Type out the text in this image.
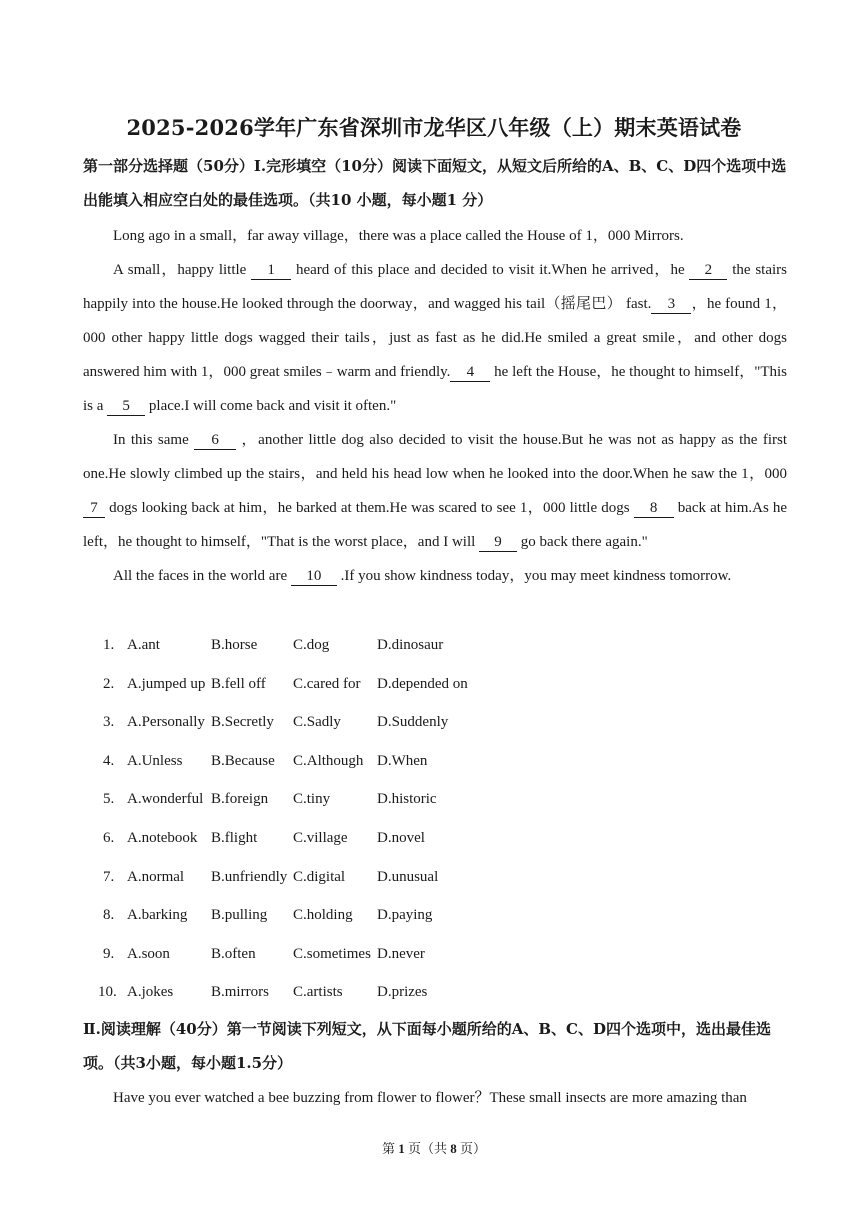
2025-2026学年广东省深圳市龙华区八年级（上）期末英语试卷
第一部分选择题（50分）Ⅰ.完形填空（10分）阅读下面短文，从短文后所给的A、B、C、D四个选项中选出能填入相应空白处的最佳选项。（共10 小题，每小题1 分）
Long ago in a small，far away village，there was a place called the House of 1，000 Mirrors.
A small，happy little 1 heard of this place and decided to visit it.When he arrived，he 2 the stairs happily into the house.He looked through the doorway，and wagged his tail（摇尾巴） fast. 3 ，he found 1，000 other happy little dogs wagged their tails，just as fast as he did.He smiled a great smile，and other dogs answered him with 1，000 great smiles﹣warm and friendly. 4 he left the House，he thought to himself，"This is a 5 place.I will come back and visit it often."
In this same 6 ，another little dog also decided to visit the house.But he was not as happy as the first one.He slowly climbed up the stairs，and held his head low when he looked into the door.When he saw the 1，000 7 dogs looking back at him，he barked at them.He was scared to see 1，000 little dogs 8 back at him.As he left，he thought to himself，"That is the worst place，and I will 9 go back there again."
All the faces in the world are 10 .If you show kindness today，you may meet kindness tomorrow.
1. A.ant	B.horse C.dog	D.dinosaur
2. A.jumped up B.fell off C.cared for D.depended on
3. A.Personally B.Secretly C.Sadly D.Suddenly
4. A.Unless B.Because C.Although D.When
5. A.wonderful B.foreign C.tiny	D.historic
6. A.notebook B.flight C.village D.novel
7. A.normal B.unfriendly C.digital D.unusual
8. A.barking B.pulling C.holding D.paying
9. A.soon	B.often C.sometimes D.never
10. A.jokes	B.mirrors C.artists D.prizes
Ⅱ.阅读理解（40分）第一节阅读下列短文，从下面每小题所给的A、B、C、D四个选项中，选出最佳选项。（共3小题，每小题1.5分）
Have you ever watched a bee buzzing from flower to flower？These small insects are more amazing than
第 1 页（共 8 页）
